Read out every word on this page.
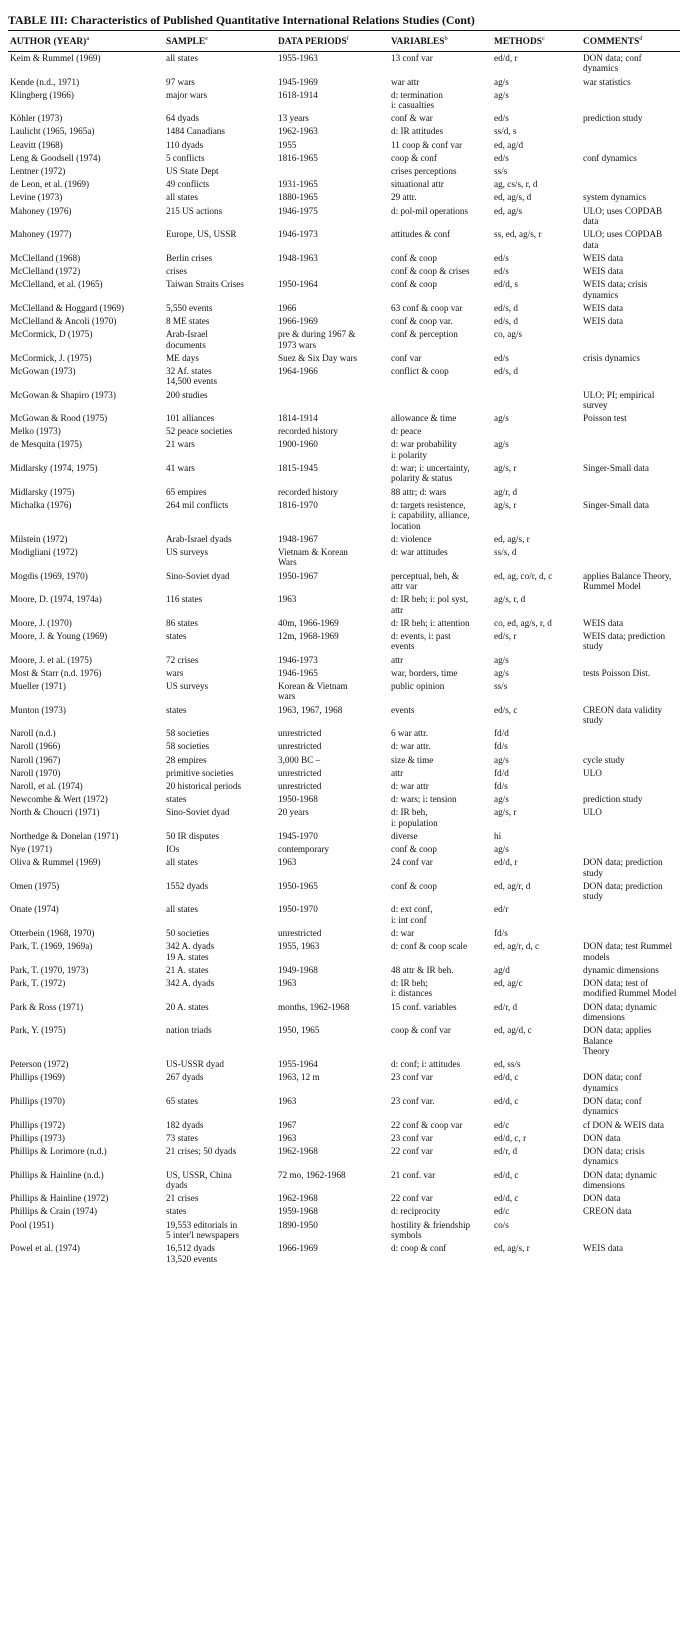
TABLE III: Characteristics of Published Quantitative International Relations Studies (Cont)
AUTHOR (YEAR)$^a$	SAMPLE$^e$	DATA PERIODS$^f$	VARIABLES$^b$	METHODS$^c$	COMMENTS$^d$
Keim & Rummel (1969)	all states	1955-1963	13 conf var	ed/d, r	DON data; conf dynamics
Kende (n.d., 1971)	97 wars	1945-1969	war attr	ag/s	war statistics
Klingberg (1966)	major wars	1618-1914	d: termination
i: casualties	ag/s	
Köhler (1973)	64 dyads	13 years	conf & war	ed/s	prediction study
Laulicht (1965, 1965a)	1484 Canadians	1962-1963	d: IR attitudes	ss/d, s	
Leavitt (1968)	110 dyads	1955	11 coop & conf var	ed, ag/d	
Leng & Goodsell (1974)	5 conflicts	1816-1965	coop & conf	ed/s	conf dynamics
Lentner (1972)	US State Dept		crises perceptions	ss/s	
de Leon, et al. (1969)	49 conflicts	1931-1965	situational attr	ag, cs/s, r, d	
Levine (1973)	all states	1880-1965	29 attr.	ed, ag/s, d	system dynamics
Mahoney (1976)	215 US actions	1946-1975	d: pol-mil operations	ed, ag/s	ULO; uses COPDAB data
Mahoney (1977)	Europe, US, USSR	1946-1973	attitudes & conf	ss, ed, ag/s, r	ULO; uses COPDAB data
McClelland (1968)	Berlin crises	1948-1963	conf & coop	ed/s	WEIS data
McClelland (1972)	crises		conf & coop & crises	ed/s	WEIS data
McClelland, et al. (1965)	Taiwan Straits Crises	1950-1964	conf & coop	ed/d, s	WEIS data; crisis
dynamics
McClelland & Hoggard (1969)	5,550 events	1966	63 conf & coop var	ed/s, d	WEIS data
McClelland & Ancoli (1970)	8 ME states	1966-1969	conf & coop var.	ed/s, d	WEIS data
McCormick, D (1975)	Arab-Israel
documents	pre & during 1967 &
1973 wars	conf & perception	co, ag/s	
McCormick, J. (1975)	ME days	Suez & Six Day wars	conf var	ed/s	crisis dynamics
McGowan (1973)	32 Af. states
14,500 events	1964-1966	conflict & coop	ed/s, d	
McGowan & Shapiro (1973)	200 studies				ULO; PI; empirical survey
McGowan & Rood (1975)	101 alliances	1814-1914	allowance & time	ag/s	Poisson test
Melko (1973)	52 peace societies	recorded history	d: peace		
de Mesquita (1975)	21 wars	1900-1960	d: war probability
i: polarity	ag/s	
Midlarsky (1974, 1975)	41 wars	1815-1945	d: war; i: uncertainty,
polarity & status	ag/s, r	Singer-Small data
Midlarsky (1975)	65 empires	recorded history	88 attr; d: wars	ag/r, d	
Michalka (1976)	264 mil conflicts	1816-1970	d: targets resistence,
i: capability, alliance,
location	ag/s, r	Singer-Small data
Milstein (1972)	Arab-Israel dyads	1948-1967	d: violence	ed, ag/s, r	
Modigliani (1972)	US surveys	Vietnam & Korean
Wars	d: war attitudes	ss/s, d	
Mogdis (1969, 1970)	Sino-Soviet dyad	1950-1967	perceptual, beh, &
attr var	ed, ag, co/r, d, c	applies Balance Theory,
Rummel Model
Moore, D. (1974, 1974a)	116 states	1963	d: IR beh; i: pol syst,
attr	ag/s, r, d	
Moore, J. (1970)	86 states	40m, 1966-1969	d: IR beh; i: attention	co, ed, ag/s, r, d	WEIS data
Moore, J. & Young (1969)	states	12m, 1968-1969	d: events, i: past
events	ed/s, r	WEIS data; prediction
study
Moore, J. et al. (1975)	72 crises	1946-1973	attr	ag/s	
Most & Starr (n.d. 1976)	wars	1946-1965	war, borders, time	ag/s	tests Poisson Dist.
Mueller (1971)	US surveys	Korean & Vietnam
wars	public opinion	ss/s	
Munton (1973)	states	1963, 1967, 1968	events	ed/s, c	CREON data validity
study
Naroll (n.d.)	58 societies	unrestricted	6 war attr.	fd/d	
Naroll (1966)	58 societies	unrestricted	d: war attr.	fd/s	
Naroll (1967)	28 empires	3,000 BC –	size & time	ag/s	cycle study
Naroll (1970)	primitive societies	unrestricted	attr	fd/d	ULO
Naroll, et al. (1974)	20 historical periods	unrestricted	d: war attr	fd/s	
Newcombe & Wert (1972)	states	1950-1968	d: wars; i: tension	ag/s	prediction study
North & Choucri (1971)	Sino-Soviet dyad	20 years	d: IR beh,
i: population	ag/s, r	ULO
Northedge & Donelan (1971)	50 IR disputes	1945-1970	diverse	hi	
Nye (1971)	IOs	contemporary	conf & coop	ag/s	
Oliva & Rummel (1969)	all states	1963	24 conf var	ed/d, r	DON data; prediction
study
Omen (1975)	1552 dyads	1950-1965	conf & coop	ed, ag/r, d	DON data; prediction
study
Onate (1974)	all states	1950-1970	d: ext conf,
i: int conf	ed/r	
Otterbein (1968, 1970)	50 societies	unrestricted	d: war	fd/s	
Park, T. (1969, 1969a)	342 A. dyads
19 A. states	1955, 1963	d: conf & coop scale	ed, ag/r, d, c	DON data; test Rummel
models
Park, T. (1970, 1973)	21 A. states	1949-1968	48 attr & IR beh.	ag/d	dynamic dimensions
Park, T. (1972)	342 A. dyads	1963	d: IR beh;
i: distances	ed, ag/c	DON data; test of
modified Rummel Model
Park & Ross (1971)	20 A. states	months, 1962-1968	15 conf. variables	ed/r, d	DON data; dynamic
dimensions
Park, Y. (1975)	nation triads	1950, 1965	coop & conf var	ed, ag/d, c	DON data; applies Balance
Theory
Peterson (1972)	US-USSR dyad	1955-1964	d: conf; i: attitudes	ed, ss/s	
Phillips (1969)	267 dyads	1963, 12 m	23 conf var	ed/d, c	DON data; conf dynamics
Phillips (1970)	65 states	1963	23 conf var.	ed/d, c	DON data; conf dynamics
Phillips (1972)	182 dyads	1967	22 conf & coop var	ed/c	cf DON & WEIS data
Phillips (1973)	73 states	1963	23 conf var	ed/d, c, r	DON data
Phillips & Lorimore (n.d.)	21 crises; 50 dyads	1962-1968	22 conf var	ed/r, d	DON data; crisis dynamics
Phillips & Hainline (n.d.)	US, USSR, China
dyads	72 mo, 1962-1968	21 conf. var	ed/d, c	DON data; dynamic
dimensions
Phillips & Hainline (1972)	21 crises	1962-1968	22 conf var	ed/d, c	DON data
Phillips & Crain (1974)	states	1959-1968	d: reciprocity	ed/c	CREON data
Pool (1951)	19,553 editorials in
5 inter'l newspapers	1890-1950	hostility & friendship
symbols	co/s	
Powel et al. (1974)	16,512 dyads
13,520 events	1966-1969	d: coop & conf	ed, ag/s, r	WEIS data
